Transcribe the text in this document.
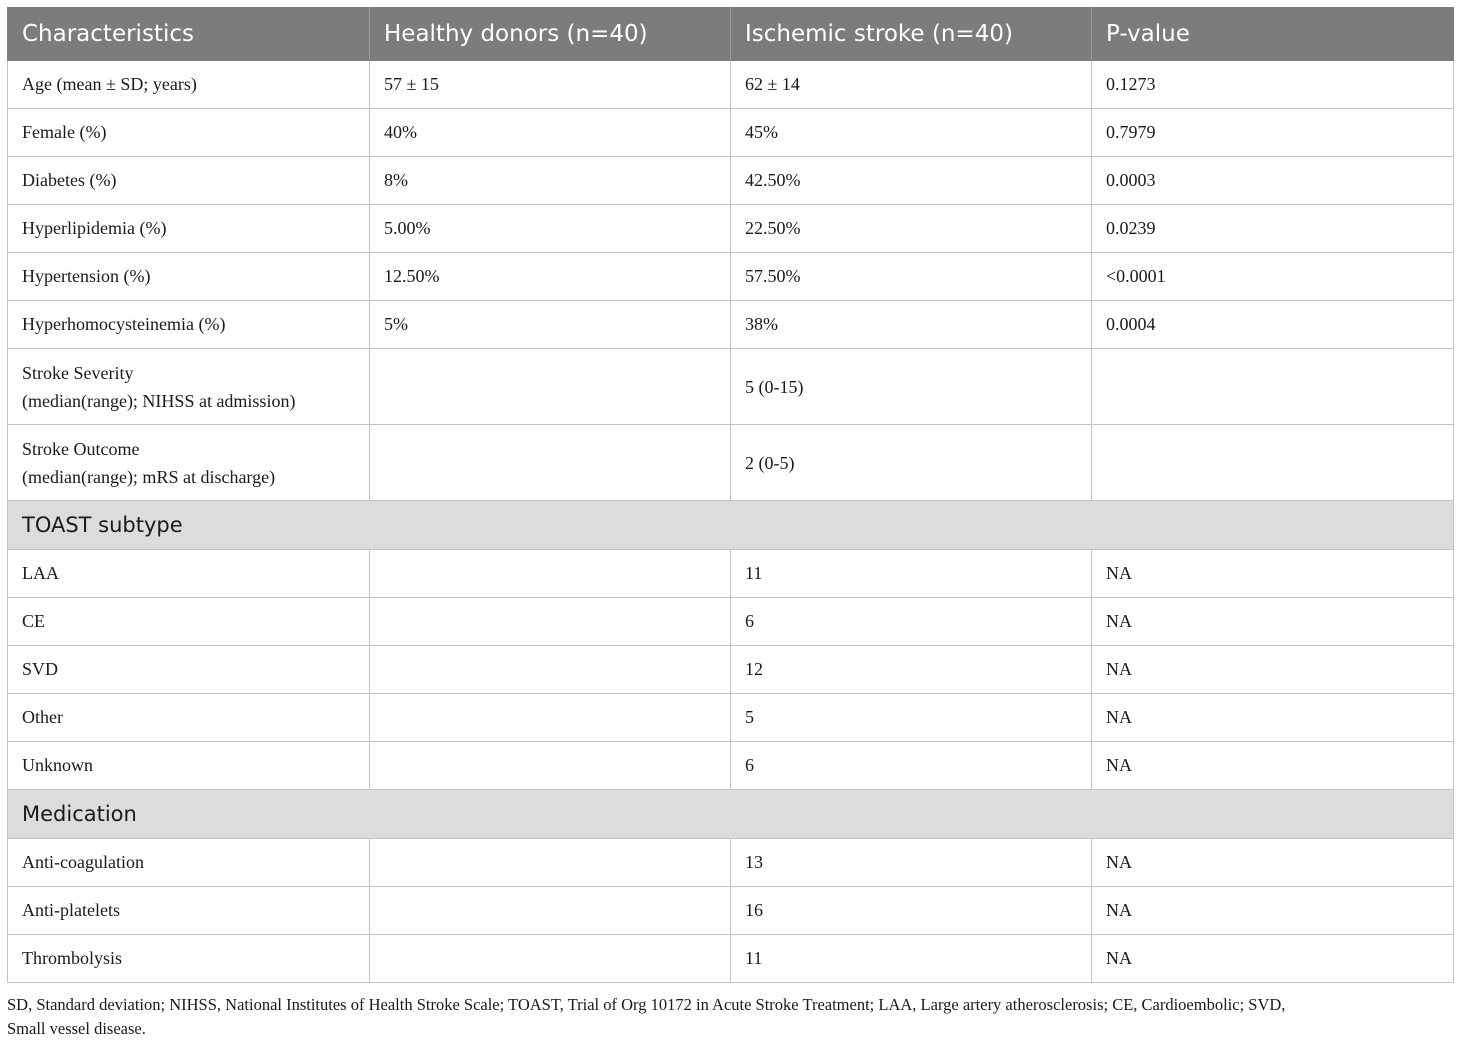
Characteristics	Healthy donors (n=40)	Ischemic stroke (n=40)	P-value
Age (mean ± SD; years)	57 ± 15	62 ± 14	0.1273
Female (%)	40%	45%	0.7979
Diabetes (%)	8%	42.50%	0.0003
Hyperlipidemia (%)	5.00%	22.50%	0.0239
Hypertension (%)	12.50%	57.50%	<0.0001
Hyperhomocysteinemia (%)	5%	38%	0.0004
Stroke Severity
(median(range); NIHSS at admission)		5 (0-15)	
Stroke Outcome
(median(range); mRS at discharge)		2 (0-5)	
TOAST subtype			
LAA		11	NA
CE		6	NA
SVD		12	NA
Other		5	NA
Unknown		6	NA
Medication			
Anti-coagulation		13	NA
Anti-platelets		16	NA
Thrombolysis		11	NA
SD, Standard deviation; NIHSS, National Institutes of Health Stroke Scale; TOAST, Trial of Org 10172 in Acute Stroke Treatment; LAA, Large artery atherosclerosis; CE, Cardioembolic; SVD,
Small vessel disease.
